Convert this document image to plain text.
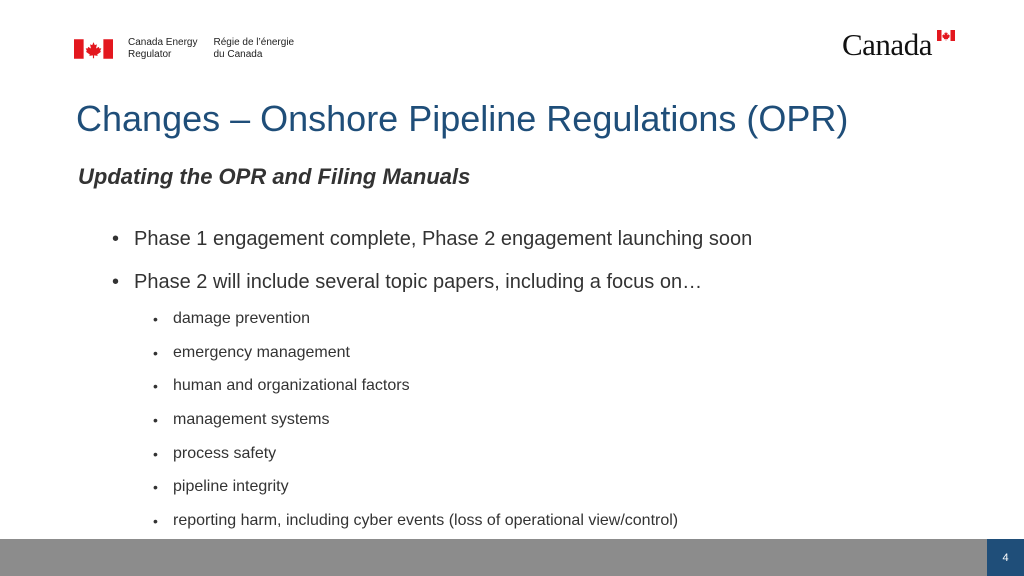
Canada Energy
Regulator
Régie de l’énergie
du Canada	Canada
Changes – Onshore Pipeline Regulations (OPR)
Updating the OPR and Filing Manuals
• Phase 1 engagement complete, Phase 2 engagement launching soon
• Phase 2 will include several topic papers, including a focus on…
• damage prevention
• emergency management
• human and organizational factors
• management systems
• process safety
• pipeline integrity
• reporting harm, including cyber events (loss of operational view/control)
4
